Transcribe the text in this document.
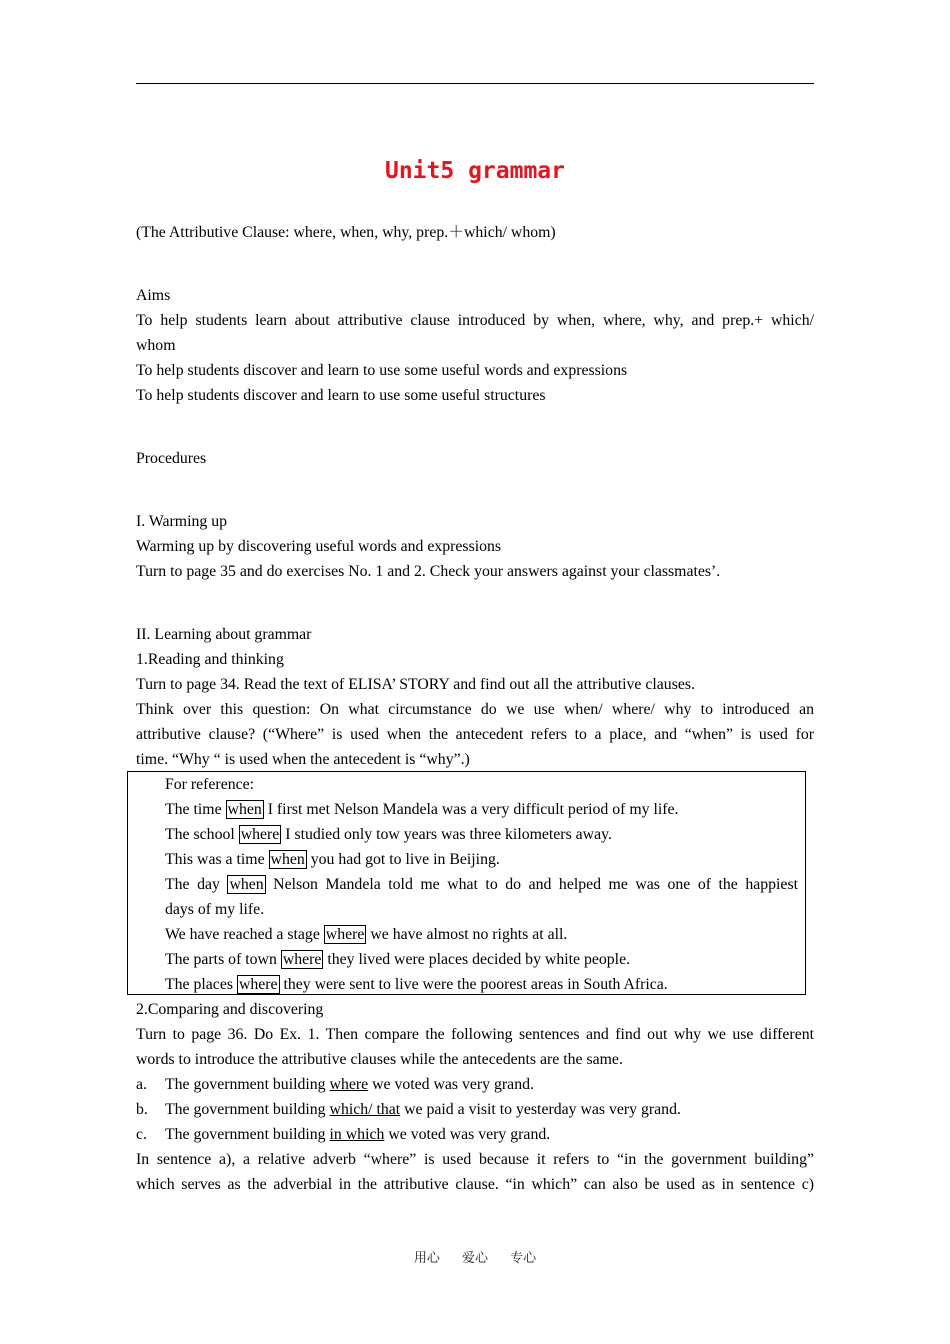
Unit5 grammar
(The Attributive Clause: where, when, why, prep.＋which/ whom)
Aims
To help students learn about attributive clause introduced by when, where, why, and prep.+ which/
whom
To help students discover and learn to use some useful words and expressions
To help students discover and learn to use some useful structures
Procedures
I. Warming up
Warming up by discovering useful words and expressions
Turn to page 35 and do exercises No. 1 and 2. Check your answers against your classmates’.
II. Learning about grammar
1.Reading and thinking
Turn to page 34. Read the text of ELISA’ STORY and find out all the attributive clauses.
Think over this question: On what circumstance do we use when/ where/ why to introduced an
attributive clause? (“Where” is used when the antecedent refers to a place, and “when” is used for
time. “Why “ is used when the antecedent is “why”.)
For reference:
The time when I first met Nelson Mandela was a very difficult period of my life.
The school where I studied only tow years was three kilometers away.
This was a time when you had got to live in Beijing.
The day when Nelson Mandela told me what to do and helped me was one of the happiest
days of my life.
We have reached a stage where we have almost no rights at all.
The parts of town where they lived were places decided by white people.
The places where they were sent to live were the poorest areas in South Africa.
2.Comparing and discovering
Turn to page 36. Do Ex. 1. Then compare the following sentences and find out why we use different
words to introduce the attributive clauses while the antecedents are the same.
a. The government building where we voted was very grand.
b. The government building which/ that we paid a visit to yesterday was very grand.
c. The government building in which we voted was very grand.
In sentence a), a relative adverb “where” is used because it refers to “in the government building”
which serves as the adverbial in the attributive clause. “in which” can also be used as in sentence c)
用心 爱心 专心
